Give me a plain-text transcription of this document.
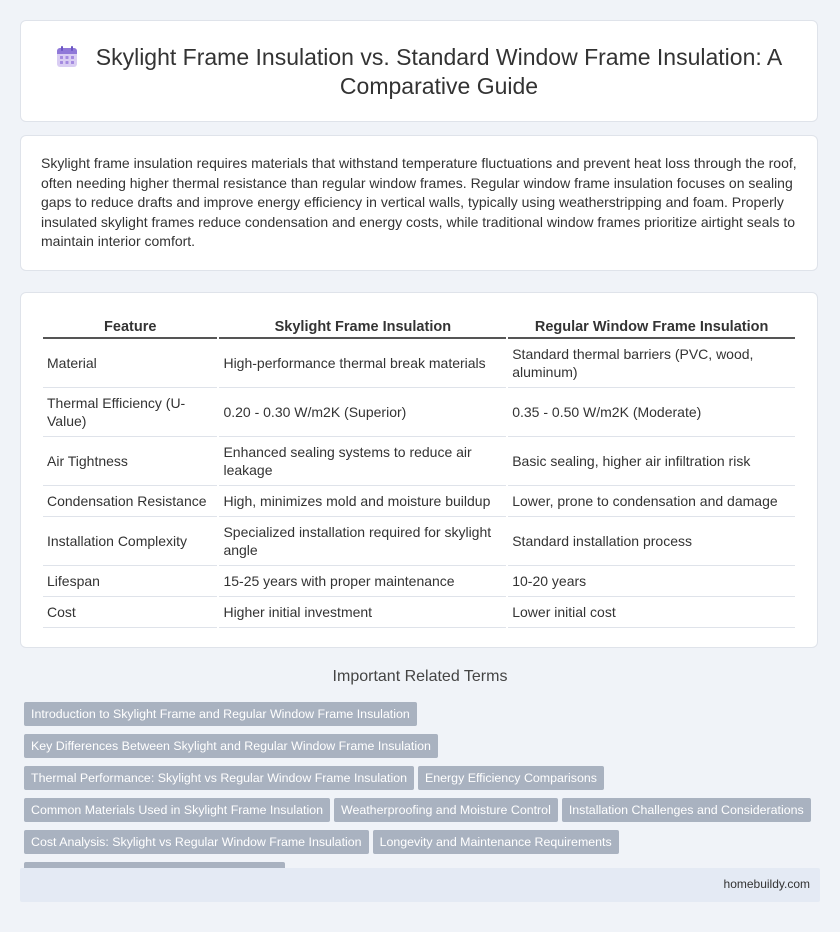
Skylight Frame Insulation vs. Standard Window Frame Insulation: A Comparative Guide

Skylight frame insulation requires materials that withstand temperature fluctuations and prevent heat loss through the roof, often needing higher thermal resistance than regular window frames. Regular window frame insulation focuses on sealing gaps to reduce drafts and improve energy efficiency in vertical walls, typically using weatherstripping and foam. Properly insulated skylight frames reduce condensation and energy costs, while traditional window frames prioritize airtight seals to maintain interior comfort.

Feature	Skylight Frame Insulation	Regular Window Frame Insulation
Material	High-performance thermal break materials	Standard thermal barriers (PVC, wood, aluminum)
Thermal Efficiency (U-Value)	0.20 - 0.30 W/m2K (Superior)	0.35 - 0.50 W/m2K (Moderate)
Air Tightness	Enhanced sealing systems to reduce air leakage	Basic sealing, higher air infiltration risk
Condensation Resistance	High, minimizes mold and moisture buildup	Lower, prone to condensation and damage
Installation Complexity	Specialized installation required for skylight angle	Standard installation process
Lifespan	15-25 years with proper maintenance	10-20 years
Cost	Higher initial investment	Lower initial cost
Important Related Terms
Introduction to Skylight Frame and Regular Window Frame InsulationKey Differences Between Skylight and Regular Window Frame Insulation
Thermal Performance: Skylight vs Regular Window Frame Insulation Energy Efficiency Comparisons
Common Materials Used in Skylight Frame Insulation Weatherproofing and Moisture Control Installation Challenges and Considerations
Cost Analysis: Skylight vs Regular Window Frame Insulation Longevity and Maintenance Requirements

homebuildy.com
